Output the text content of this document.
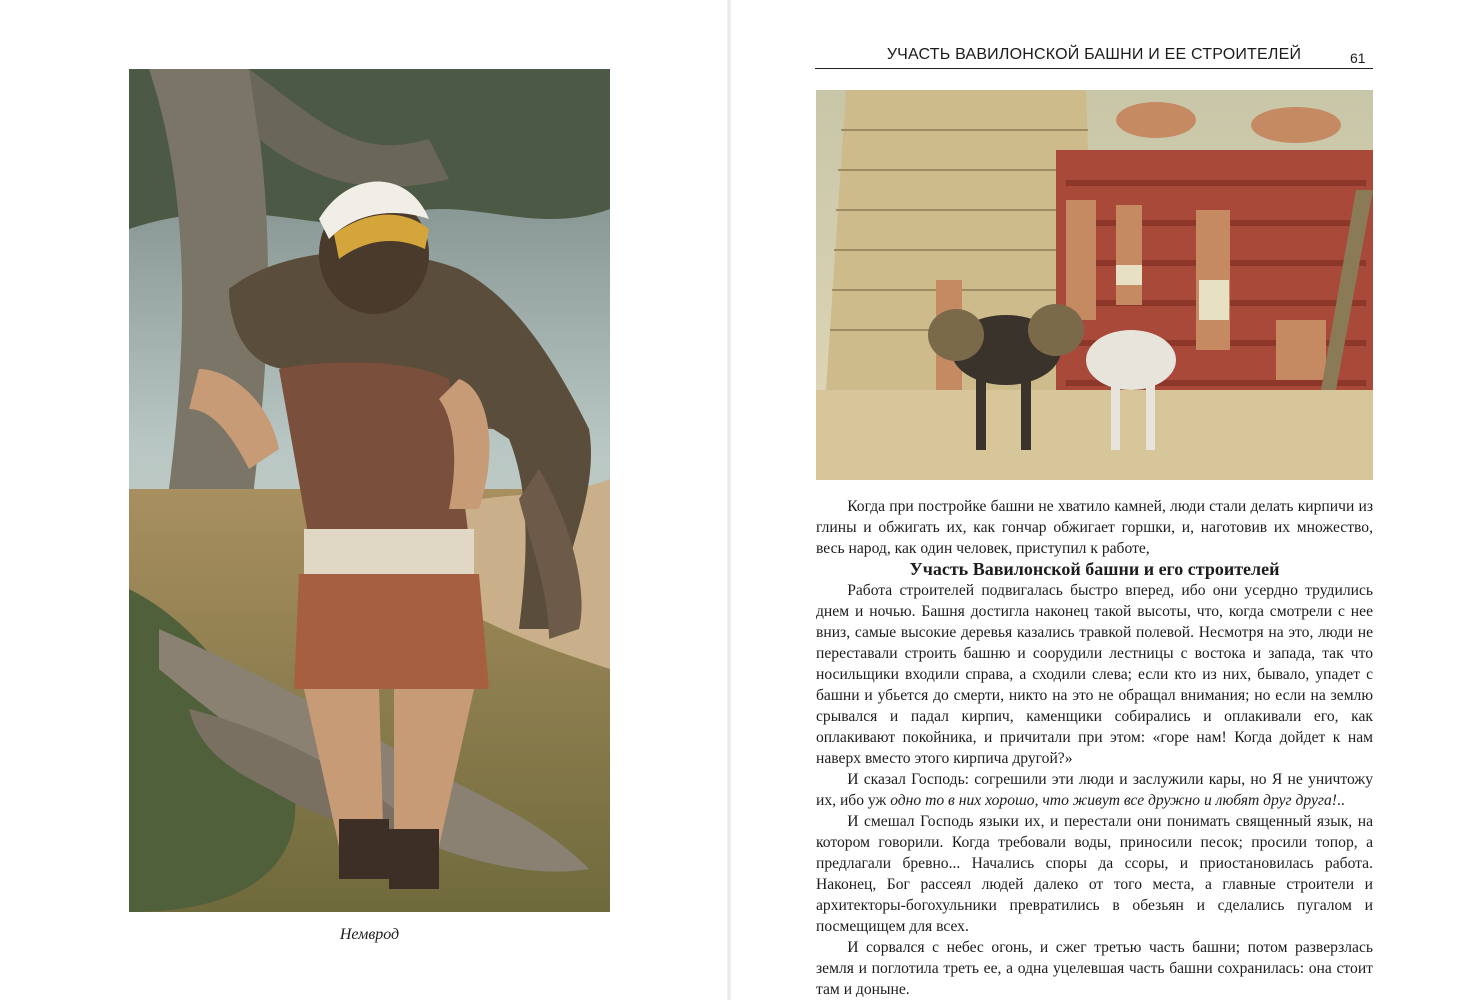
Немврод
УЧАСТЬ ВАВИЛОНСКОЙ БАШНИ И ЕЕ СТРОИТЕЛЕЙ	61

Когда при постройке башни не хватило камней, люди стали делать кирпичи из глины и обжигать их, как гончар обжигает горшки, и, наготовив их множество, весь народ, как один человек, приступил к работе,

Участь Вавилонской башни и его строителей

Работа строителей подвигалась быстро вперед, ибо они усердно трудились днем и ночью. Башня достигла наконец такой высоты, что, когда смотрели с нее вниз, самые высокие деревья казались травкой полевой. Несмотря на это, люди не переставали строить башню и соорудили лестницы с востока и запада, так что носильщики входили справа, а сходили слева; если кто из них, бывало, упадет с башни и убьется до смерти, никто на это не обращал внимания; но если на землю срывался и падал кирпич, каменщики собирались и оплакивали его, как оплакивают покойника, и причитали при этом: «горе нам! Когда дойдет к нам наверх вместо этого кирпича другой?»

И сказал Господь: согрешили эти люди и заслужили кары, но Я не уничтожу их, ибо уж одно то в них хорошо, что живут все дружно и любят друг друга!..

И смешал Господь языки их, и перестали они понимать священный язык, на котором говорили. Когда требовали воды, приносили песок; просили топор, а предлагали бревно... Начались споры да ссоры, и приостановилась работа. Наконец, Бог рассеял людей далеко от того места, а главные строители и архитекторы-богохульники превратились в обезьян и сделались пугалом и посмещищем для всех.

И сорвался с небес огонь, и сжег третью часть башни; потом разверзлась земля и поглотила треть ее, а одна уцелевшая часть башни сохранилась: она стоит там и доныне.
